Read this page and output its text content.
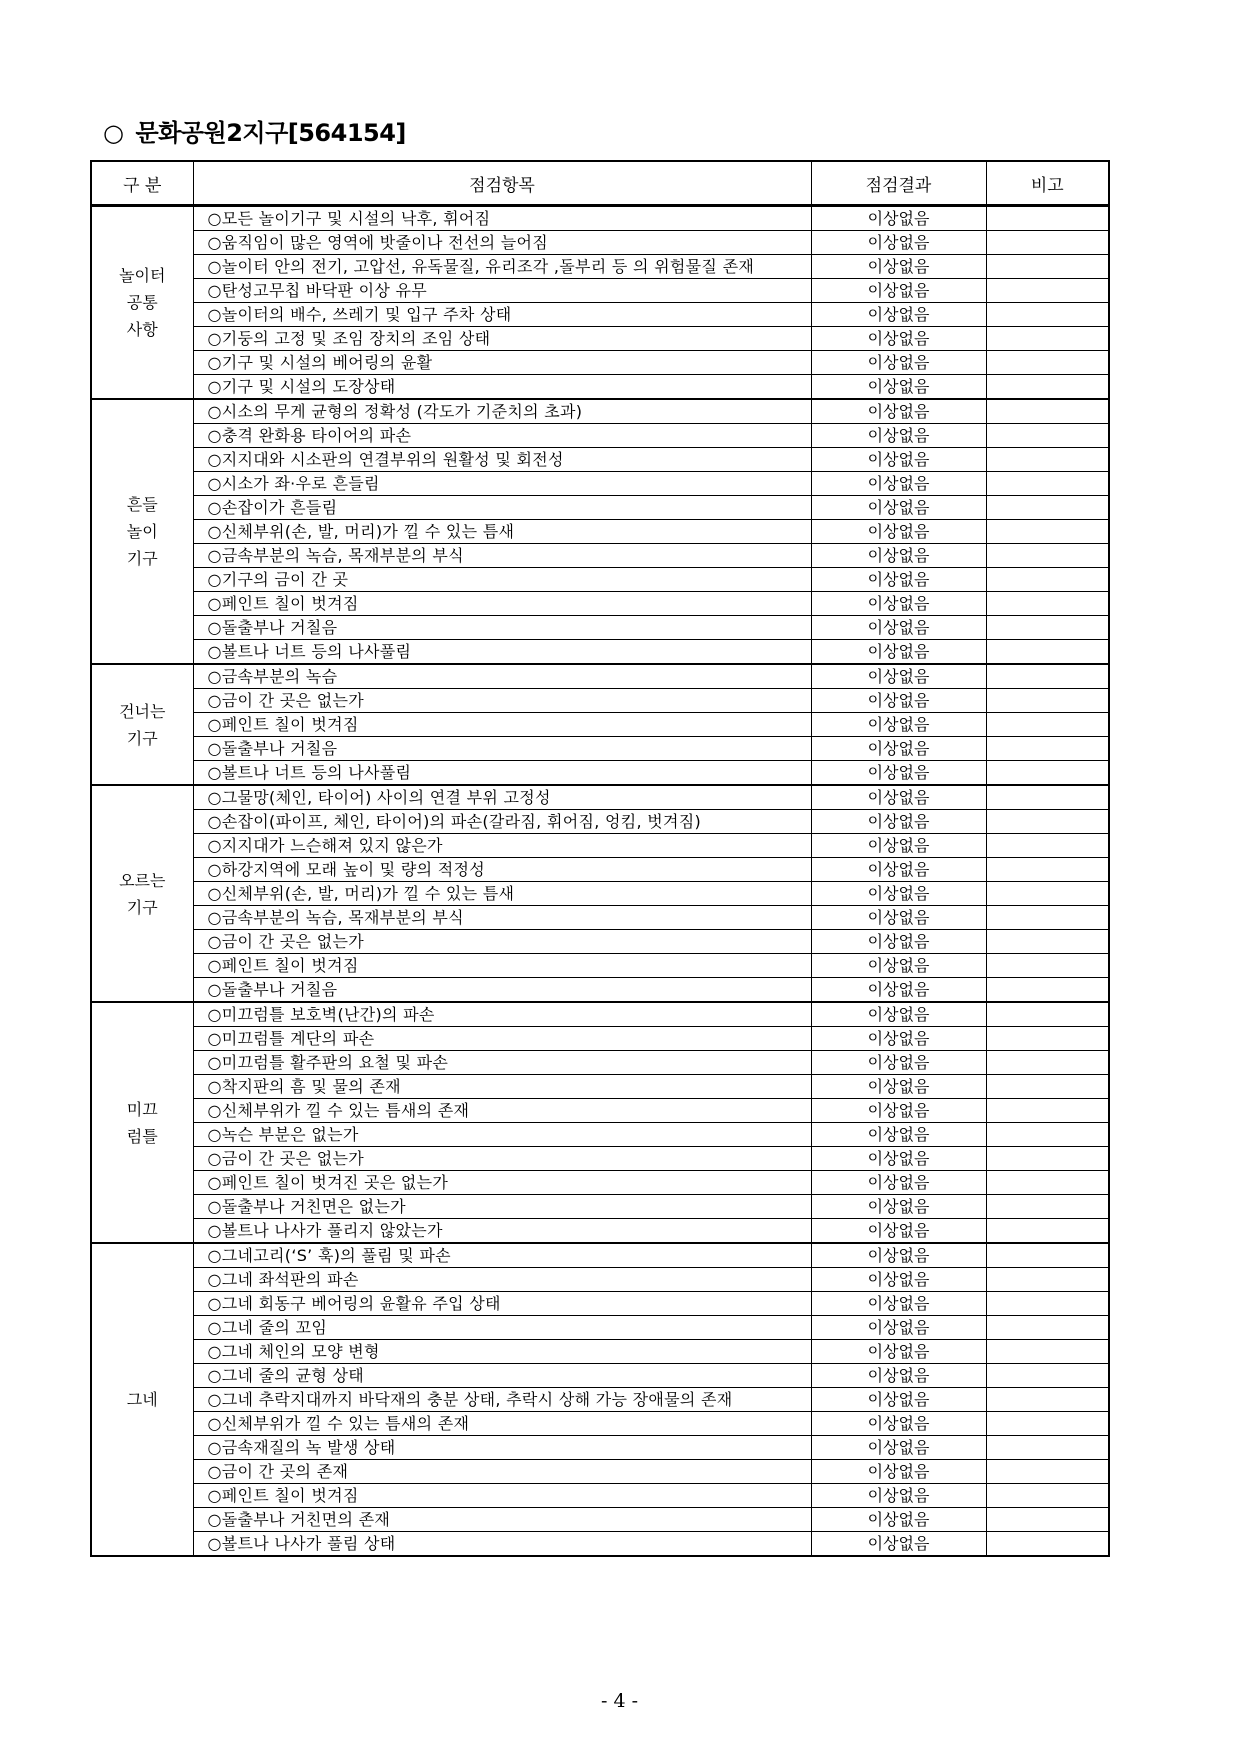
○ 문화공원2지구[564154]
구 분	점검항목	점검결과	비고

놀이터
공통
사항	○모든 놀이기구 및 시설의 낙후, 휘어짐	이상없음	
	○움직임이 많은 영역에 밧줄이나 전선의 늘어짐	이상없음	
	○놀이터 안의 전기, 고압선, 유독물질, 유리조각 ,돌부리 등 의 위험물질 존재	이상없음	
	○탄성고무칩 바닥판 이상 유무	이상없음	
	○놀이터의 배수, 쓰레기 및 입구 주차 상태	이상없음	
	○기둥의 고정 및 조임 장치의 조임 상태	이상없음	
	○기구 및 시설의 베어링의 윤활	이상없음	
	○기구 및 시설의 도장상태	이상없음	

흔들
놀이
기구	○시소의 무게 균형의 정확성 (각도가 기준치의 초과)	이상없음	
	○충격 완화용 타이어의 파손	이상없음	
	○지지대와 시소판의 연결부위의 원활성 및 회전성	이상없음	
	○시소가 좌·우로 흔들림	이상없음	
	○손잡이가 흔들림	이상없음	
	○신체부위(손, 발, 머리)가 낄 수 있는 틈새	이상없음	
	○금속부분의 녹슴, 목재부분의 부식	이상없음	
	○기구의 금이 간 곳	이상없음	
	○페인트 칠이 벗겨짐	이상없음	
	○돌출부나 거칠음	이상없음	
	○볼트나 너트 등의 나사풀림	이상없음	

건너는
기구	○금속부분의 녹슴	이상없음	
	○금이 간 곳은 없는가	이상없음	
	○페인트 칠이 벗겨짐	이상없음	
	○돌출부나 거칠음	이상없음	
	○볼트나 너트 등의 나사풀림	이상없음	

오르는
기구	○그물망(체인, 타이어) 사이의 연결 부위 고정성	이상없음	
	○손잡이(파이프, 체인, 타이어)의 파손(갈라짐, 휘어짐, 엉킴, 벗겨짐)	이상없음	
	○지지대가 느슨해져 있지 않은가	이상없음	
	○하강지역에 모래 높이 및 량의 적정성	이상없음	
	○신체부위(손, 발, 머리)가 낄 수 있는 틈새	이상없음	
	○금속부분의 녹슴, 목재부분의 부식	이상없음	
	○금이 간 곳은 없는가	이상없음	
	○페인트 칠이 벗겨짐	이상없음	
	○돌출부나 거칠음	이상없음	

미끄
럼틀	○미끄럼틀 보호벽(난간)의 파손	이상없음	
	○미끄럼틀 계단의 파손	이상없음	
	○미끄럼틀 활주판의 요철 및 파손	이상없음	
	○착지판의 흠 및 물의 존재	이상없음	
	○신체부위가 낄 수 있는 틈새의 존재	이상없음	
	○녹슨 부분은 없는가	이상없음	
	○금이 간 곳은 없는가	이상없음	
	○페인트 칠이 벗겨진 곳은 없는가	이상없음	
	○돌출부나 거친면은 없는가	이상없음	
	○볼트나 나사가 풀리지 않았는가	이상없음	

그네	○그네고리(‘S’ 훅)의 풀림 및 파손	이상없음	
	○그네 좌석판의 파손	이상없음	
	○그네 회동구 베어링의 윤활유 주입 상태	이상없음	
	○그네 줄의 꼬임	이상없음	
	○그네 체인의 모양 변형	이상없음	
	○그네 줄의 균형 상태	이상없음	
	○그네 추락지대까지 바닥재의 충분 상태, 추락시 상해 가능 장애물의 존재	이상없음	
	○신체부위가 낄 수 있는 틈새의 존재	이상없음	
	○금속재질의 녹 발생 상태	이상없음	
	○금이 간 곳의 존재	이상없음	
	○페인트 칠이 벗겨짐	이상없음	
	○돌출부나 거친면의 존재	이상없음	
	○볼트나 나사가 풀림 상태	이상없음	
- 4 -
